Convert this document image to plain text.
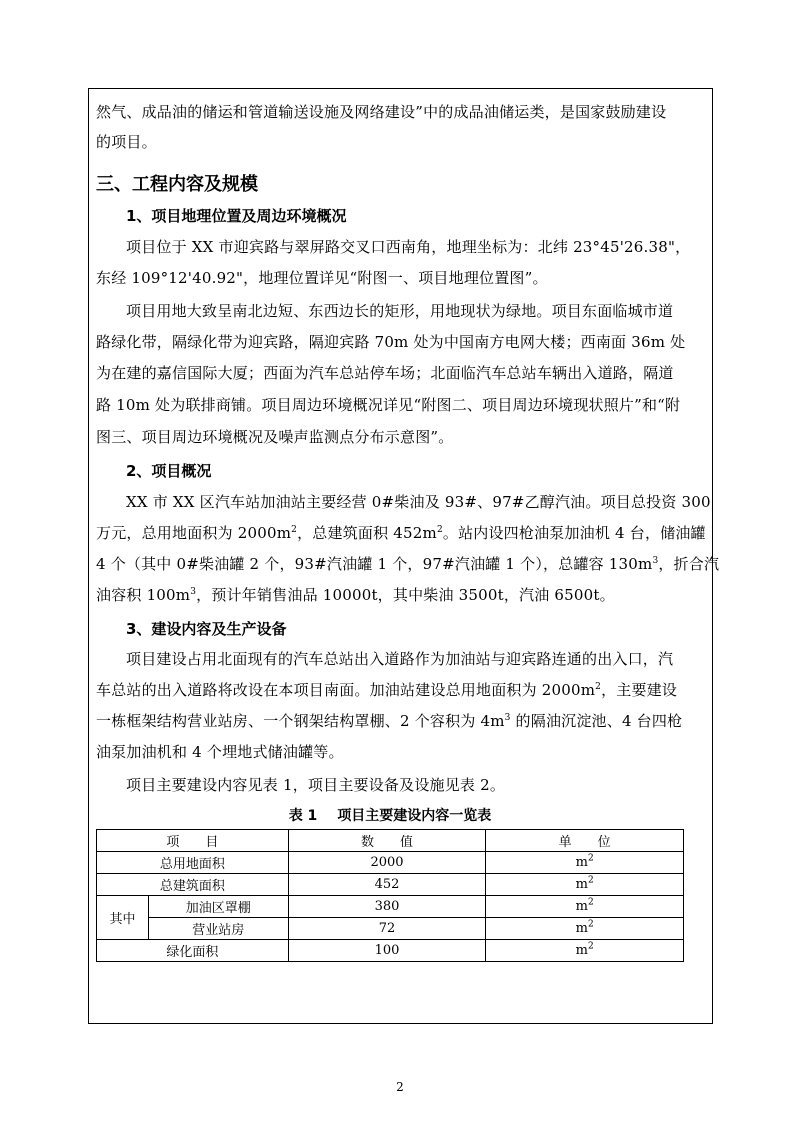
然气、成品油的储运和管道输送设施及网络建设”中的成品油储运类，是国家鼓励建设
的项目。
三、工程内容及规模
1、项目地理位置及周边环境概况
项目位于 XX 市迎宾路与翠屏路交叉口西南角，地理坐标为：北纬 23°45'26.38"，
东经 109°12'40.92"，地理位置详见“附图一、项目地理位置图”。
项目用地大致呈南北边短、东西边长的矩形，用地现状为绿地。项目东面临城市道
路绿化带，隔绿化带为迎宾路，隔迎宾路 70m 处为中国南方电网大楼；西南面 36m 处
为在建的嘉信国际大厦；西面为汽车总站停车场；北面临汽车总站车辆出入道路，隔道
路 10m 处为联排商铺。项目周边环境概况详见“附图二、项目周边环境现状照片”和“附
图三、项目周边环境概况及噪声监测点分布示意图”。
2、项目概况
XX 市 XX 区汽车站加油站主要经营 0#柴油及 93#、97#乙醇汽油。项目总投资 300
万元，总用地面积为 $2000m^2$，总建筑面积 $452m^2$。站内设四枪油泵加油机 4 台，储油罐
4 个（其中 0#柴油罐 2 个，93#汽油罐 1 个，97#汽油罐 1 个），总罐容 $130m^3$，折合汽
油容积 $100m^3$，预计年销售油品 10000t，其中柴油 3500t，汽油 6500t。
3、建设内容及生产设备
项目建设占用北面现有的汽车总站出入道路作为加油站与迎宾路连通的出入口，汽
车总站的出入道路将改设在本项目南面。加油站建设总用地面积为 $2000m^2$，主要建设
一栋框架结构营业站房、一个钢架结构罩棚、2 个容积为 $4m^3$ 的隔油沉淀池、4 台四枪
油泵加油机和 4 个埋地式储油罐等。
项目主要建设内容见表 1，项目主要设备及设施见表 2。
表 1 项目主要建设内容一览表
项　　目		数　　值	单　　位
总用地面积		2000	$m^2$
总建筑面积		452	$m^2$
其中	加油区罩棚	380	$m^2$
	营业站房	72	$m^2$
绿化面积		100	$m^2$
2
